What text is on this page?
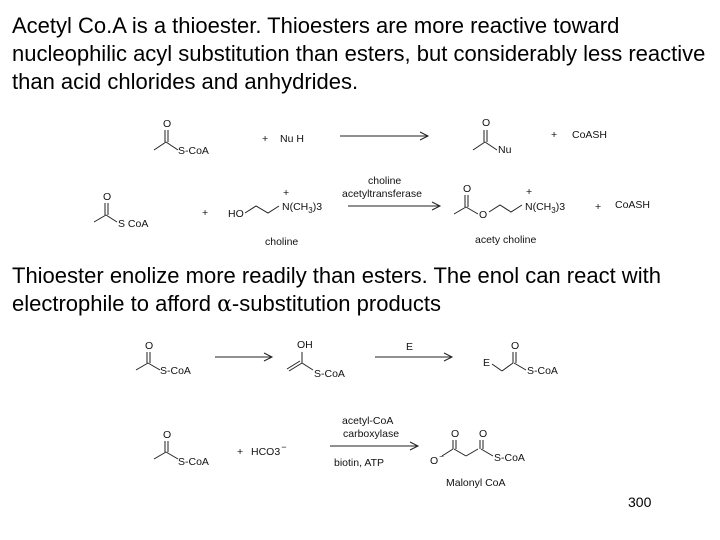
Acetyl Co.A is a thioester. Thioesters are more reactive toward nucleophilic acyl substitution than esters, but considerably less reactive than acid chlorides and anhydrides.

O
S-CoA
+ Nu H
O
Nu
+ CoASH
O
S CoA
+ HO
+
$N(CH_3)3$
choline
choline
acetyltransferase	O
O
+
$N(CH_3)3$
acety choline
+ CoASH

Thioester enolize more readily than esters. The enol can react with electrophile to afford α-substitution products

O
S-CoA
OH
S-CoA
E
E
O
S-CoA
O
S-CoA
+ HCO3−
acetyl-CoA
carboxylase
biotin, ATP	O−
O O
S-CoA
Malonyl CoA
300
